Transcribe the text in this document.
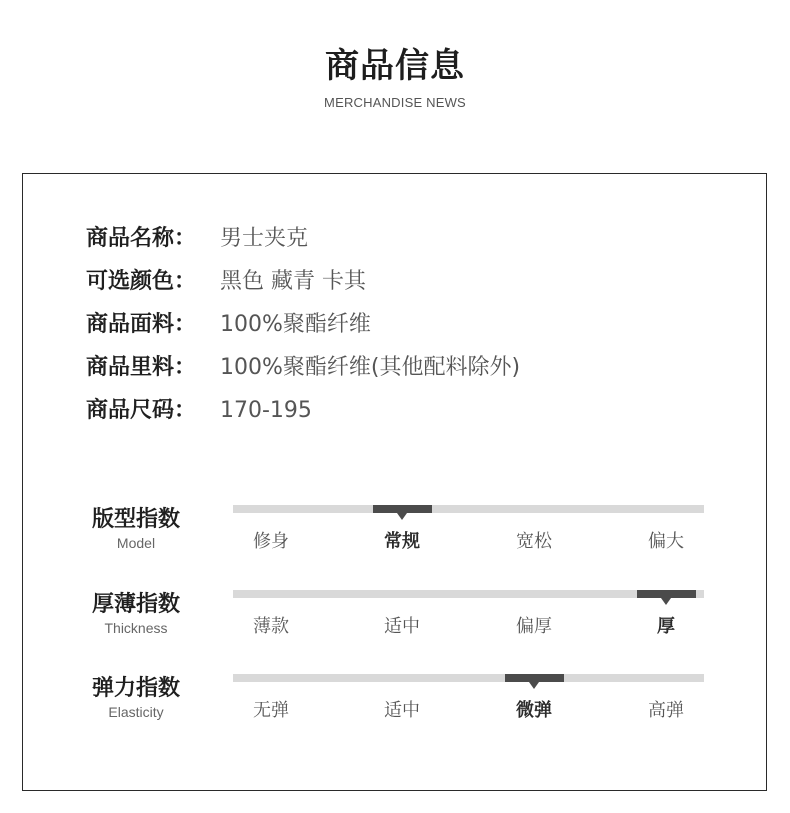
商品信息
MERCHANDISE NEWS
商品名称： 男士夹克
可选颜色： 黑色 藏青 卡其
商品面料： 100%聚酯纤维
商品里料： 100%聚酯纤维(其他配料除外)
商品尺码： 170-195
版型指数
Model	修身	常规	宽松	偏大
厚薄指数
Thickness	薄款	适中	偏厚	厚
弹力指数
Elasticity	无弹	适中	微弹	高弹
